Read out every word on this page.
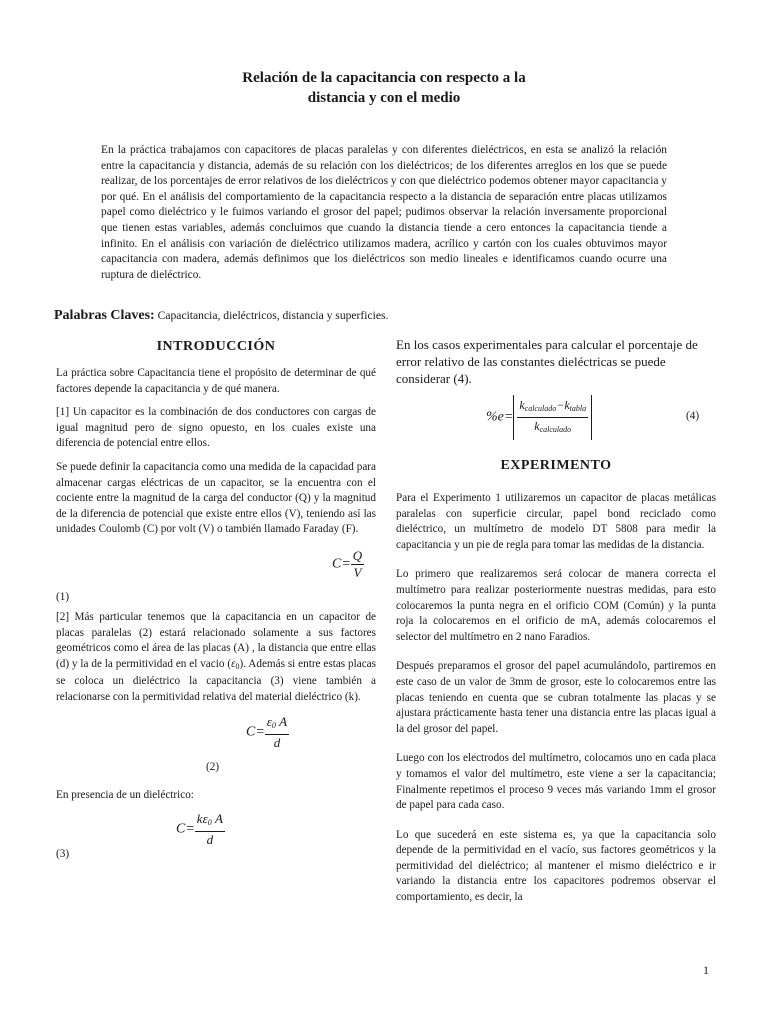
Relación de la capacitancia con respecto a la
distancia y con el medio
En la práctica trabajamos con capacitores de placas paralelas y con diferentes dieléctricos, en esta se analizó la relación entre la capacitancia y distancia, además de su relación con los dieléctricos; de los diferentes arreglos en los que se puede realizar, de los porcentajes de error relativos de los dieléctricos y con que dieléctrico podemos obtener mayor capacitancia y por qué. En el análisis del comportamiento de la capacitancia respecto a la distancia de separación entre placas utilizamos papel como dieléctrico y le fuimos variando el grosor del papel; pudimos observar la relación inversamente proporcional que tienen estas variables, además concluimos que cuando la distancia tiende a cero entonces la capacitancia tiende a infinito. En el análisis con variación de dieléctrico utilizamos madera, acrílico y cartón con los cuales obtuvimos mayor capacitancia con madera, además definimos que los dieléctricos son medio lineales e identificamos cuando ocurre una ruptura de dieléctrico.
Palabras Claves: Capacitancia, dieléctricos, distancia y superficies.
INTRODUCCIÓN

La práctica sobre Capacitancia tiene el propósito de determinar de qué factores depende la capacitancia y de qué manera.

[1] Un capacitor es la combinación de dos conductores con cargas de igual magnitud pero de signo opuesto, en los cuales existe una diferencia de potencial entre ellos.

Se puede definir la capacitancia como una medida de la capacidad para almacenar cargas eléctricas de un capacitor, se la encuentra con el cociente entre la magnitud de la carga del conductor (Q) y la magnitud de la diferencia de potencial que existe entre ellos (V), teniendo así las unidades Coulomb (C) por volt (V) o también llamado Faraday (F).

$C= \frac{Q}{V}$
(1)

[2] Más particular tenemos que la capacitancia en un capacitor de placas paralelas (2) estará relacionado solamente a sus factores geométricos como el área de las placas (A) , la distancia que entre ellas (d) y la de la permitividad en el vacio $(\varepsilon_0)$. Además si entre estas placas se coloca un dieléctrico la capacitancia (3) viene también a relacionarse con la permitividad relativa del material dieléctrico (k).

$C= \frac{\varepsilon_0 A}{d}$
(2)

En presencia de un dieléctrico:

$C= \frac{k\varepsilon_0 A}{d}$
(3)

En los casos experimentales para calcular el porcentaje de error relativo de las constantes dieléctricas se puede considerar (4).

$\%e= \frac{k_{calculado}-k_{tabla}}{k_{calculado}}$	(4)
EXPERIMENTO

Para el Experimento 1 utilizaremos un capacitor de placas metálicas paralelas con superficie circular, papel bond reciclado como dieléctrico, un multímetro de modelo DT 5808 para medir la capacitancia y un pie de regla para tomar las medidas de la distancia.

Lo primero que realizaremos será colocar de manera correcta el multímetro para realizar posteriormente nuestras medidas, para esto colocaremos la punta negra en el orificio COM (Común) y la punta roja la colocaremos en el orificio de mA, además colocaremos el selector del multímetro en 2 nano Faradios.

Después preparamos el grosor del papel acumulándolo, partiremos en este caso de un valor de 3mm de grosor, este lo colocaremos entre las placas teniendo en cuenta que se cubran totalmente las placas y se ajustara prácticamente hasta tener una distancia entre las placas igual a la del grosor del papel.

Luego con los electrodos del multímetro, colocamos uno en cada placa y tomamos el valor del multímetro, este viene a ser la capacitancia; Finalmente repetimos el proceso 9 veces más variando 1mm el grosor de papel para cada caso.

Lo que sucederá en este sistema es, ya que la capacitancia solo depende de la permitividad en el vacío, sus factores geométricos y la permitividad del dieléctrico; al mantener el mismo dieléctrico e ir variando la distancia entre los capacitores podremos observar el comportamiento, es decir, la

1
